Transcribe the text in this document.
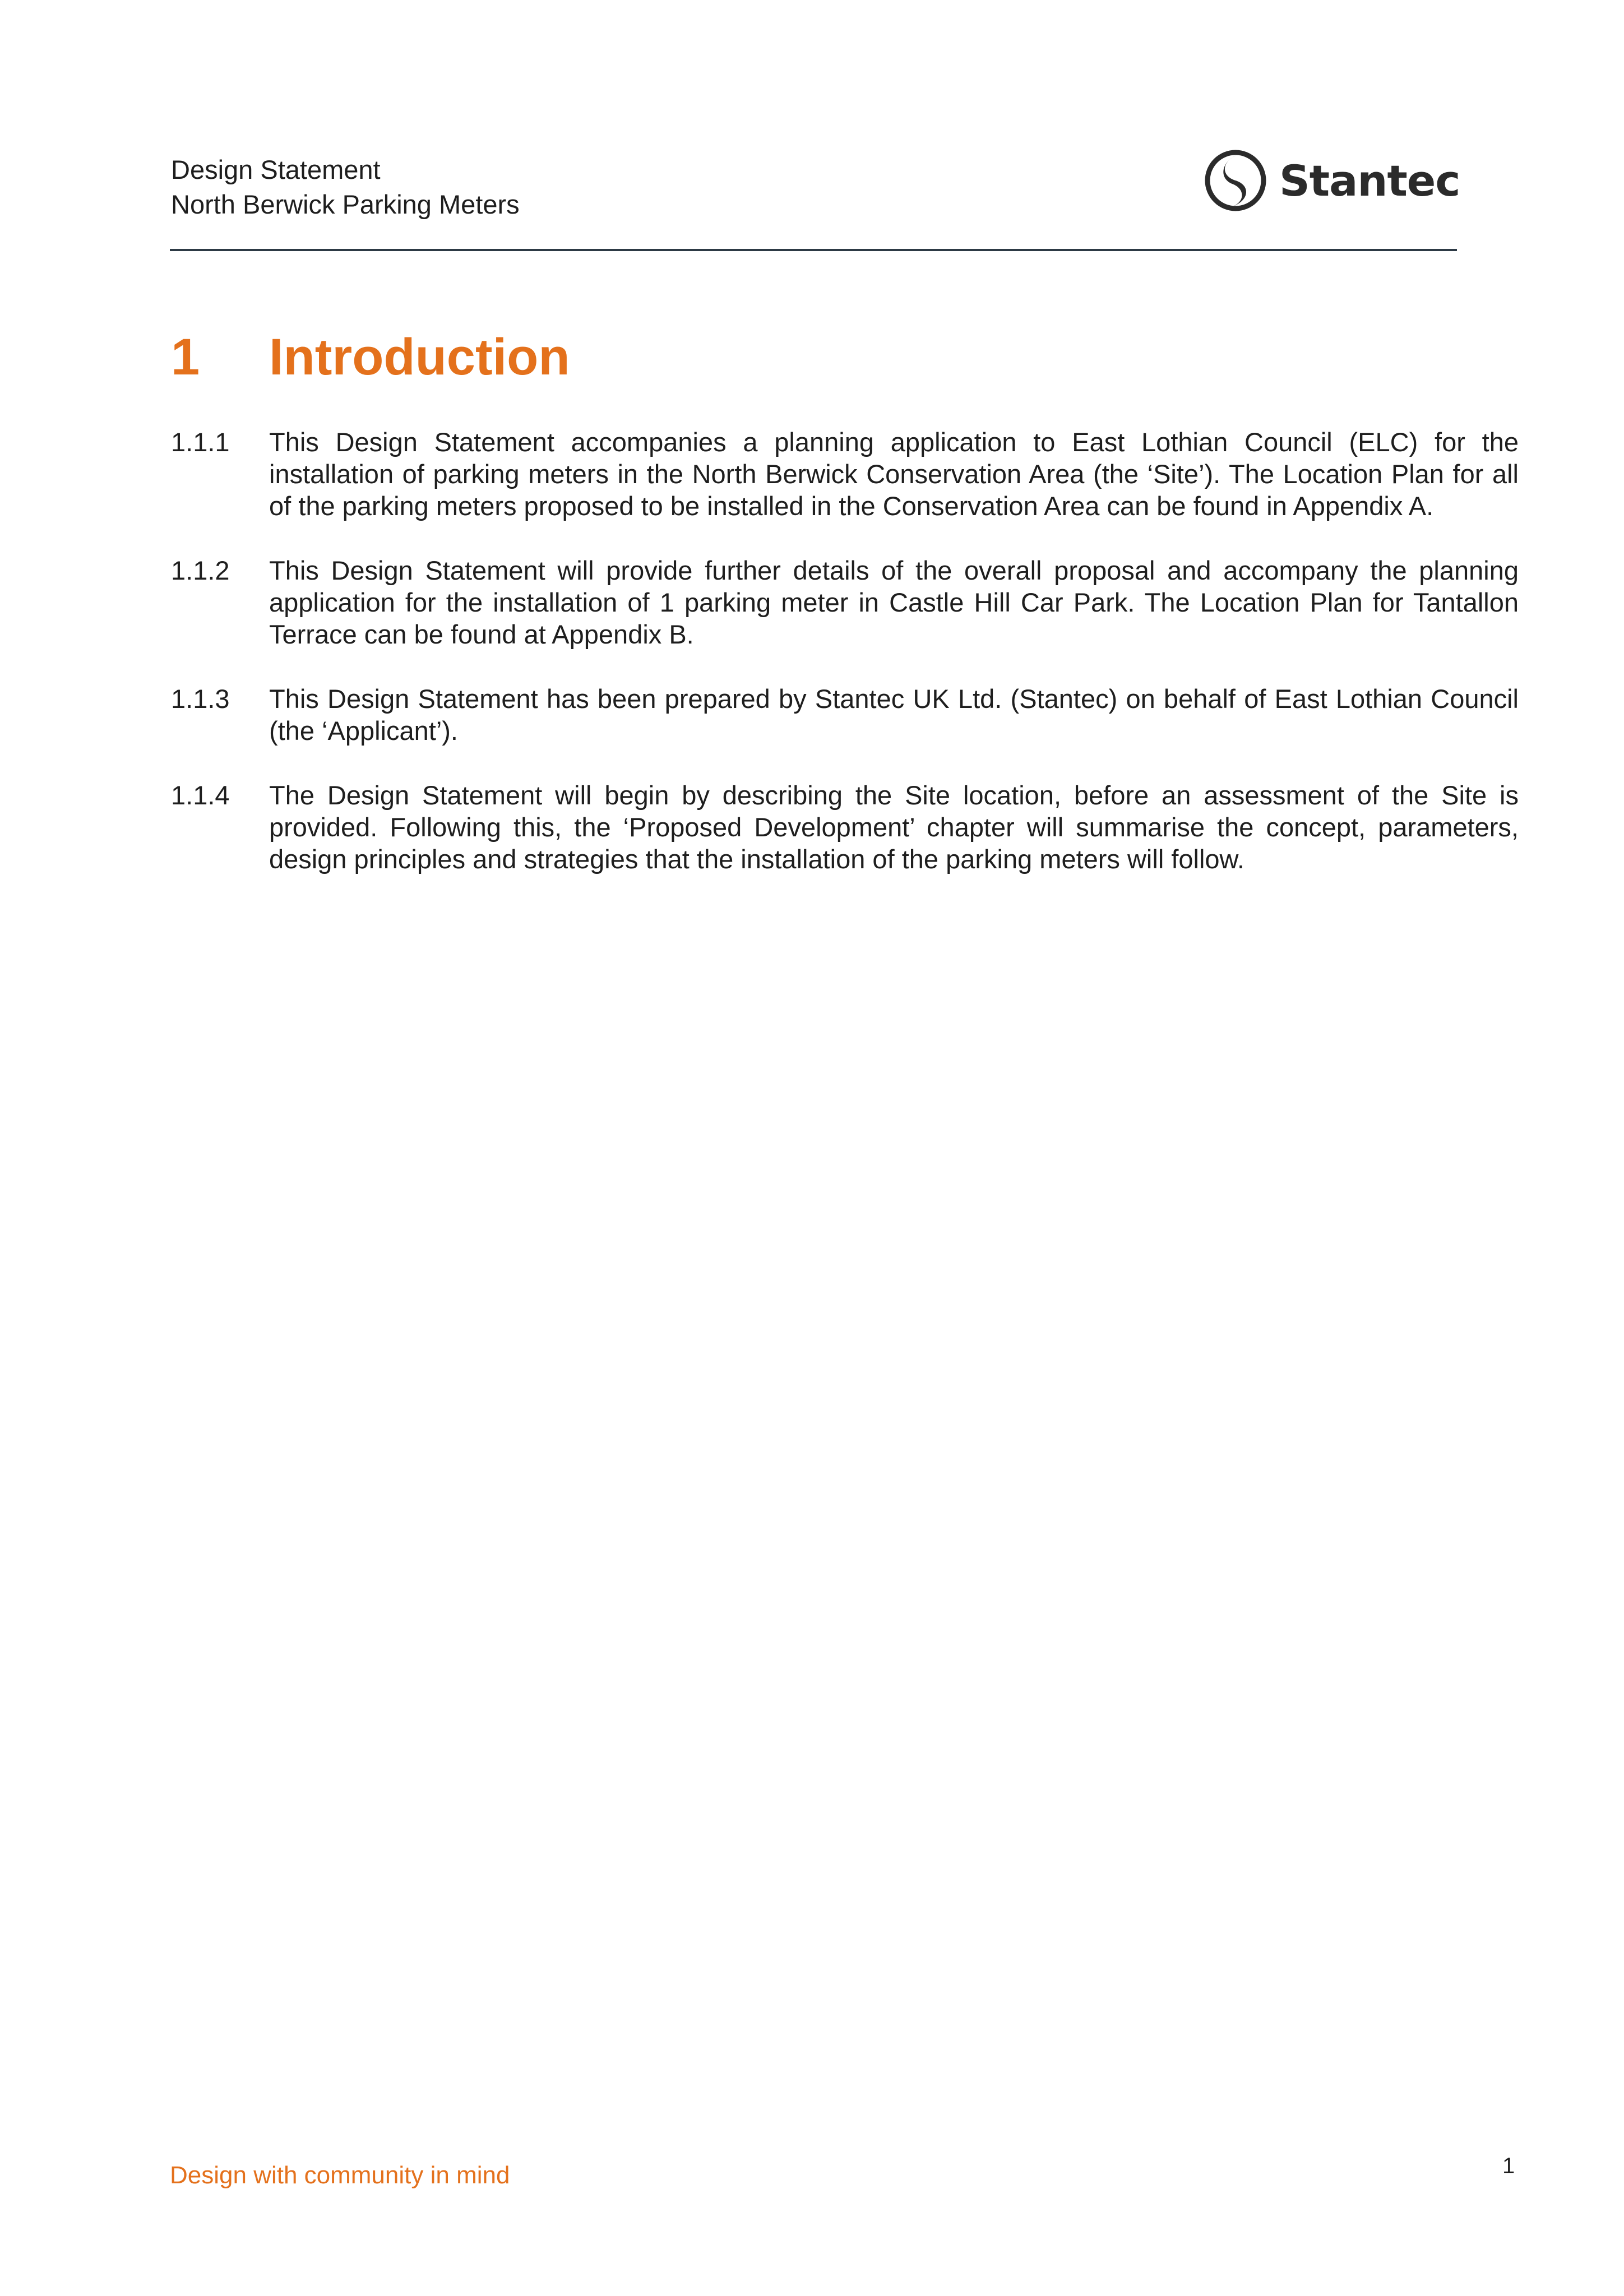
Design Statement
North Berwick Parking Meters	Stantec
1	Introduction
1.1.1	This Design Statement accompanies a planning application to East Lothian Council (ELC) for the installation of parking meters in the North Berwick Conservation Area (the ‘Site’). The Location Plan for all of the parking meters proposed to be installed in the Conservation Area can be found in Appendix A.
1.1.2	This Design Statement will provide further details of the overall proposal and accompany the planning application for the installation of 1 parking meter in Castle Hill Car Park. The Location Plan for Tantallon Terrace can be found at Appendix B.
1.1.3	This Design Statement has been prepared by Stantec UK Ltd. (Stantec) on behalf of East Lothian Council (the ‘Applicant’).
1.1.4	The Design Statement will begin by describing the Site location, before an assessment of the Site is provided. Following this, the ‘Proposed Development’ chapter will summarise the concept, parameters, design principles and strategies that the installation of the parking meters will follow.
Design with community in mind	1
